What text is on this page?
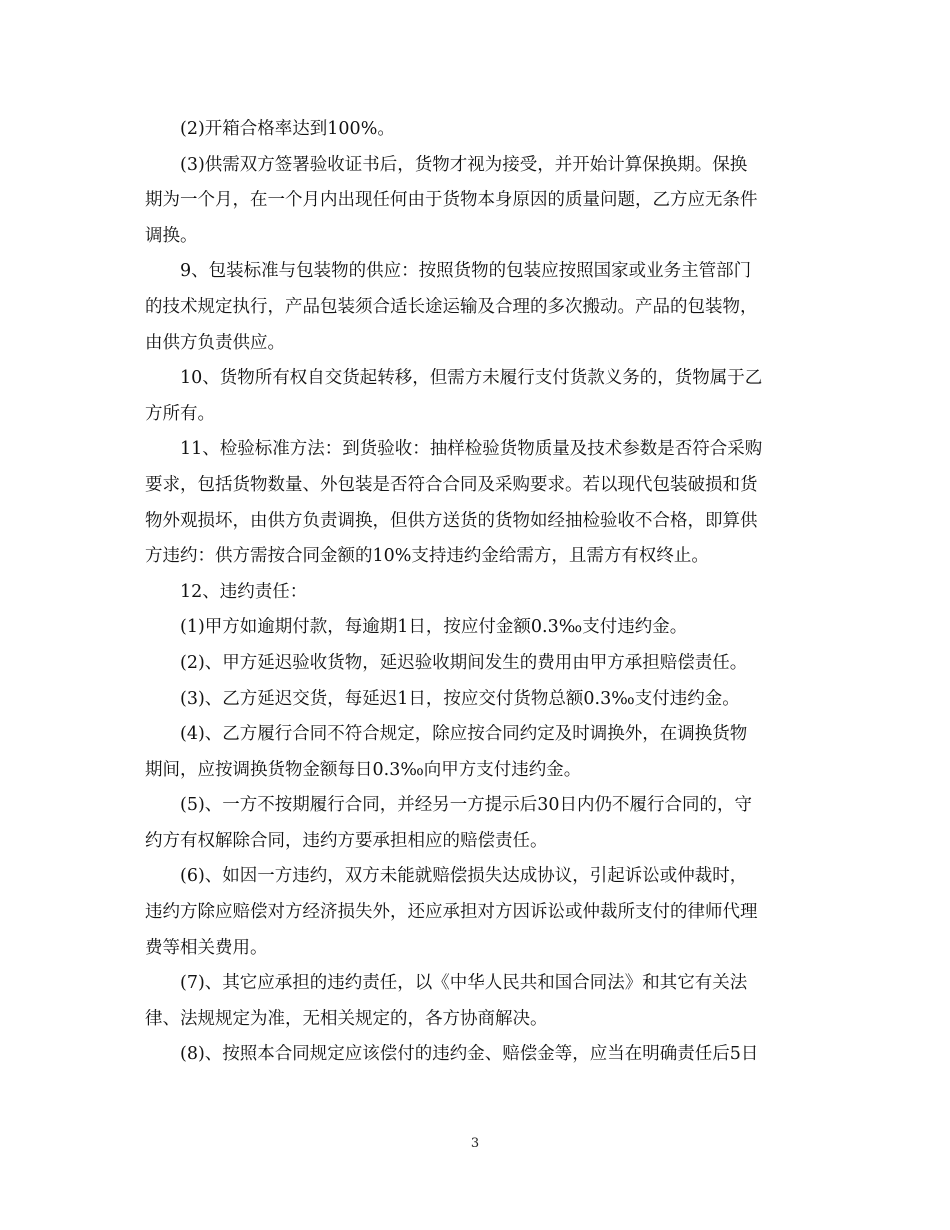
(2)开箱合格率达到100%。
(3)供需双方签署验收证书后，货物才视为接受，并开始计算保换期。保换
期为一个月，在一个月内出现任何由于货物本身原因的质量问题，乙方应无条件
调换。
9、包装标准与包装物的供应：按照货物的包装应按照国家或业务主管部门
的技术规定执行，产品包装须合适长途运输及合理的多次搬动。产品的包装物，
由供方负责供应。
10、货物所有权自交货起转移，但需方未履行支付货款义务的，货物属于乙
方所有。
11、检验标准方法：到货验收：抽样检验货物质量及技术参数是否符合采购
要求，包括货物数量、外包装是否符合合同及采购要求。若以现代包装破损和货
物外观损坏，由供方负责调换，但供方送货的货物如经抽检验收不合格，即算供
方违约：供方需按合同金额的10%支持违约金给需方，且需方有权终止。
12、违约责任：
(1)甲方如逾期付款，每逾期1日，按应付金额0.3‰支付违约金。
(2)、甲方延迟验收货物，延迟验收期间发生的费用由甲方承担赔偿责任。
(3)、乙方延迟交货，每延迟1日，按应交付货物总额0.3‰支付违约金。
(4)、乙方履行合同不符合规定，除应按合同约定及时调换外，在调换货物
期间，应按调换货物金额每日0.3‰向甲方支付违约金。
(5)、一方不按期履行合同，并经另一方提示后30日内仍不履行合同的，守
约方有权解除合同，违约方要承担相应的赔偿责任。
(6)、如因一方违约，双方未能就赔偿损失达成协议，引起诉讼或仲裁时，
违约方除应赔偿对方经济损失外，还应承担对方因诉讼或仲裁所支付的律师代理
费等相关费用。
(7)、其它应承担的违约责任，以《中华人民共和国合同法》和其它有关法
律、法规规定为准，无相关规定的，各方协商解决。
(8)、按照本合同规定应该偿付的违约金、赔偿金等，应当在明确责任后5日
3
